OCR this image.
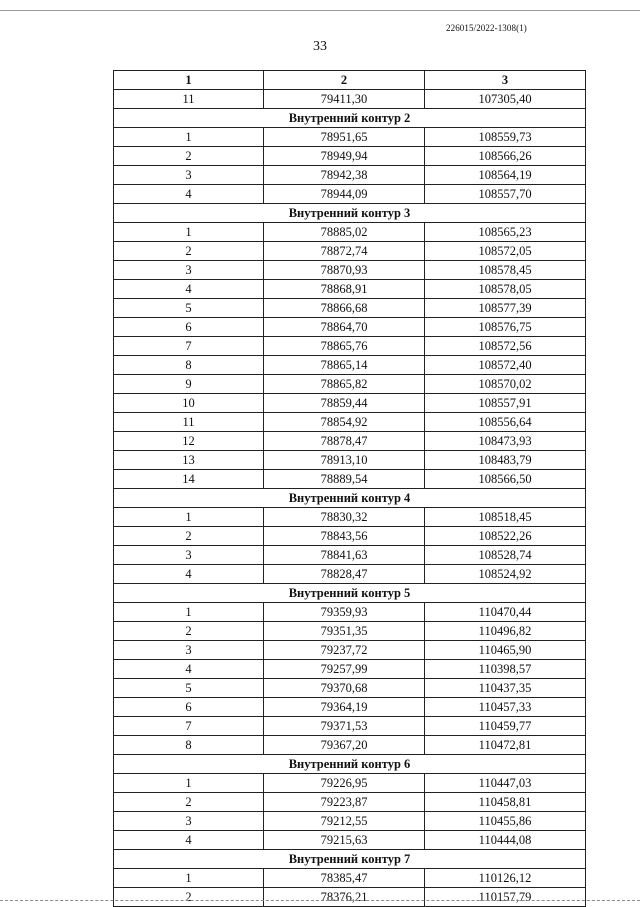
226015/2022-1308(1)
33
1	2	3
11	79411,30	107305,40
Внутренний контур 2		
1	78951,65	108559,73
2	78949,94	108566,26
3	78942,38	108564,19
4	78944,09	108557,70
Внутренний контур 3		
1	78885,02	108565,23
2	78872,74	108572,05
3	78870,93	108578,45
4	78868,91	108578,05
5	78866,68	108577,39
6	78864,70	108576,75
7	78865,76	108572,56
8	78865,14	108572,40
9	78865,82	108570,02
10	78859,44	108557,91
11	78854,92	108556,64
12	78878,47	108473,93
13	78913,10	108483,79
14	78889,54	108566,50
Внутренний контур 4		
1	78830,32	108518,45
2	78843,56	108522,26
3	78841,63	108528,74
4	78828,47	108524,92
Внутренний контур 5		
1	79359,93	110470,44
2	79351,35	110496,82
3	79237,72	110465,90
4	79257,99	110398,57
5	79370,68	110437,35
6	79364,19	110457,33
7	79371,53	110459,77
8	79367,20	110472,81
Внутренний контур 6		
1	79226,95	110447,03
2	79223,87	110458,81
3	79212,55	110455,86
4	79215,63	110444,08
Внутренний контур 7		
1	78385,47	110126,12
2	78376,21	110157,79
